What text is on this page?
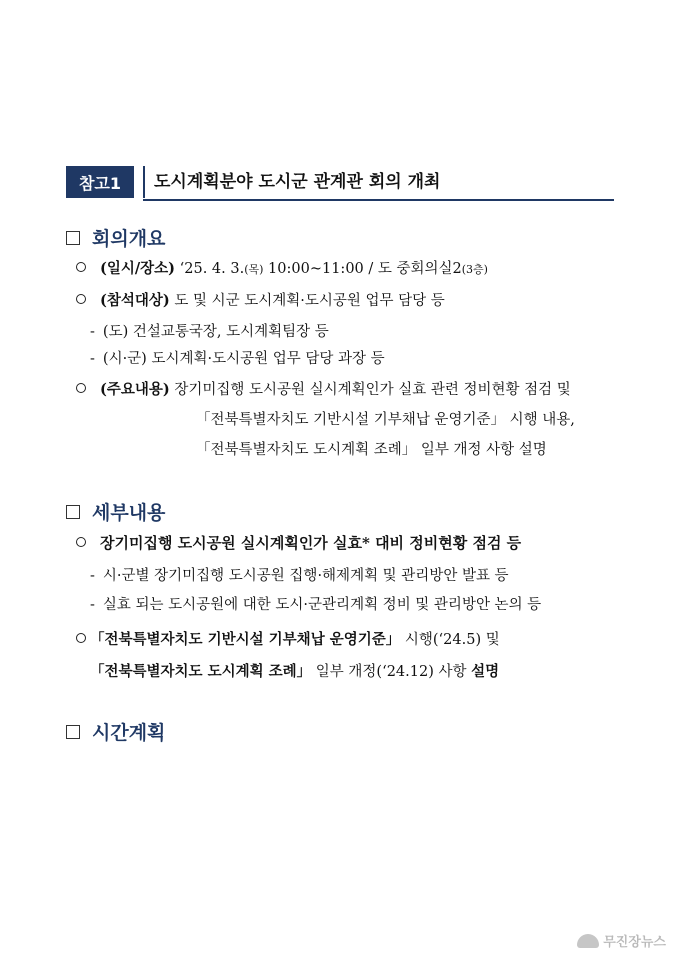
참고1	도시계획분야 도시군 관계관 회의 개최
회의개요
(일시/장소) ‘25. 4. 3.(목) 10:00~11:00 / 도 중회의실2(3층)
(참석대상) 도 및 시군 도시계획·도시공원 업무 담당 등
- (도) 건설교통국장, 도시계획팀장 등
- (시·군) 도시계획·도시공원 업무 담당 과장 등
(주요내용) 장기미집행 도시공원 실시계획인가 실효 관련 정비현황 점검 및
「전북특별자치도 기반시설 기부채납 운영기준」 시행 내용,
「전북특별자치도 도시계획 조례」 일부 개정 사항 설명
세부내용
장기미집행 도시공원 실시계획인가 실효* 대비 정비현황 점검 등
- 시·군별 장기미집행 도시공원 집행·해제계획 및 관리방안 발표 등
- 실효 되는 도시공원에 대한 도시·군관리계획 정비 및 관리방안 논의 등
「전북특별자치도 기반시설 기부채납 운영기준」 시행(‘24.5) 및
「전북특별자치도 도시계획 조례」 일부 개정(‘24.12) 사항 설명
시간계획
무진장뉴스
